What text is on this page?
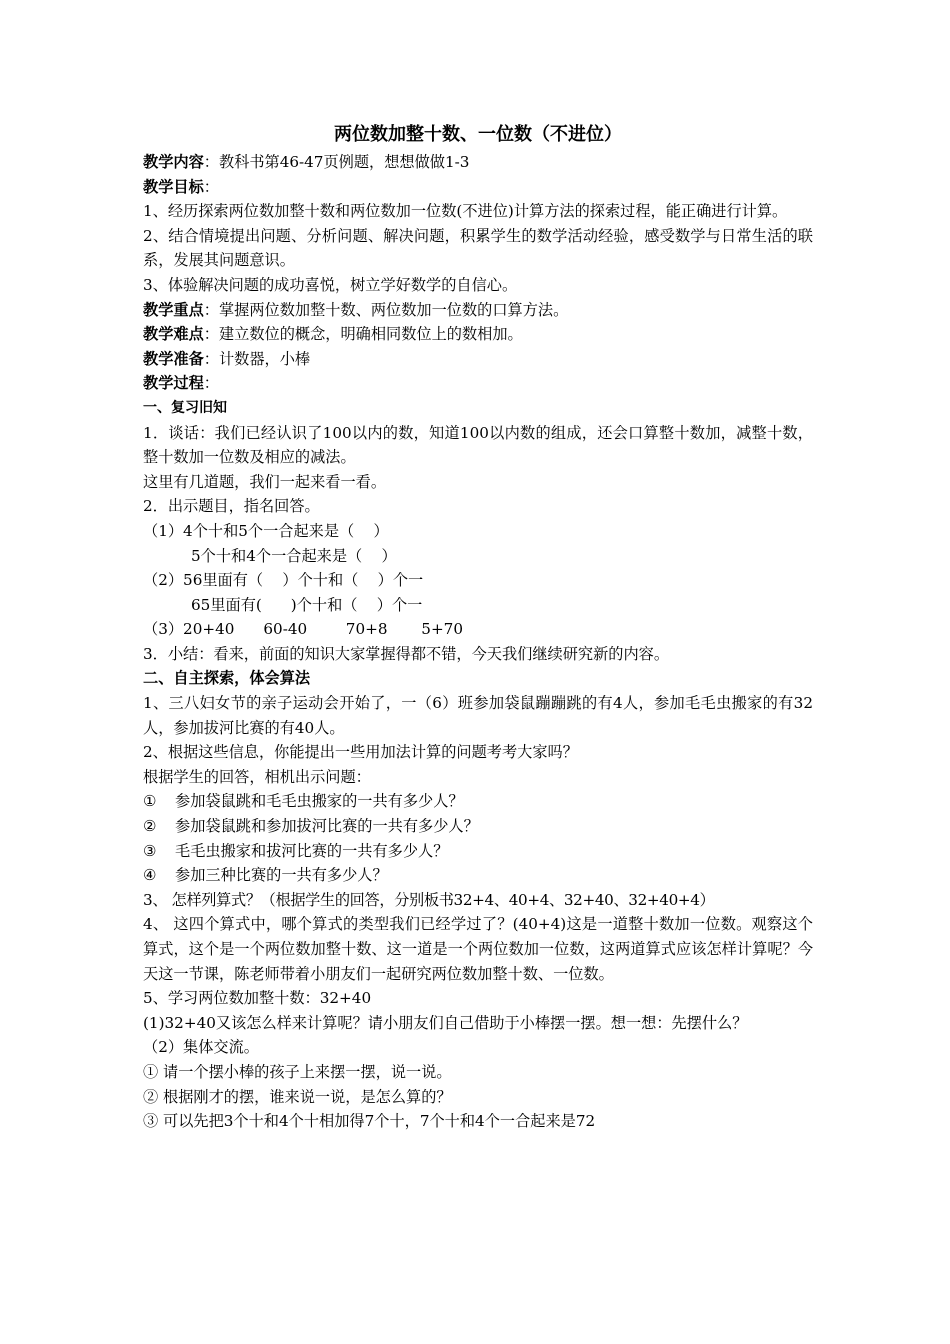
两位数加整十数、一位数（不进位）
教学内容：教科书第46-47页例题，想想做做1-3
教学目标：
1、经历探索两位数加整十数和两位数加一位数(不进位)计算方法的探索过程，能正确进行计算。
2、结合情境提出问题、分析问题、解决问题，积累学生的数学活动经验，感受数学与日常生活的联系，发展其问题意识。
3、体验解决问题的成功喜悦，树立学好数学的自信心。
教学重点：掌握两位数加整十数、两位数加一位数的口算方法。
教学难点：建立数位的概念，明确相同数位上的数相加。
教学准备：计数器，小棒
教学过程：
一、复习旧知
1．谈话：我们已经认识了100以内的数，知道100以内数的组成，还会口算整十数加，减整十数，整十数加一位数及相应的减法。
这里有几道题，我们一起来看一看。
2．出示题目，指名回答。
（1）4个十和5个一合起来是（    ）
5个十和4个一合起来是（    ）
（2）56里面有（    ）个十和（    ）个一
65里面有(      )个十和（    ）个一
（3）20+40      60-40        70+8       5+70
3．小结：看来，前面的知识大家掌握得都不错，今天我们继续研究新的内容。
二、自主探索，体会算法
1、三八妇女节的亲子运动会开始了，一（6）班参加袋鼠蹦蹦跳的有4人，参加毛毛虫搬家的有32人，参加拔河比赛的有40人。
2、根据这些信息，你能提出一些用加法计算的问题考考大家吗？
根据学生的回答，相机出示问题：
① 参加袋鼠跳和毛毛虫搬家的一共有多少人？
② 参加袋鼠跳和参加拔河比赛的一共有多少人？
③ 毛毛虫搬家和拔河比赛的一共有多少人？
④ 参加三种比赛的一共有多少人？
3、 怎样列算式？（根据学生的回答，分别板书32+4、40+4、32+40、32+40+4）
4、 这四个算式中，哪个算式的类型我们已经学过了？(40+4)这是一道整十数加一位数。观察这个算式，这个是一个两位数加整十数、这一道是一个两位数加一位数，这两道算式应该怎样计算呢？今天这一节课，陈老师带着小朋友们一起研究两位数加整十数、一位数。
5、学习两位数加整十数：32+40
(1)32+40又该怎么样来计算呢？请小朋友们自己借助于小棒摆一摆。想一想：先摆什么？
（2）集体交流。
① 请一个摆小棒的孩子上来摆一摆，说一说。
② 根据刚才的摆，谁来说一说，是怎么算的？
③ 可以先把3个十和4个十相加得7个十，7个十和4个一合起来是72
